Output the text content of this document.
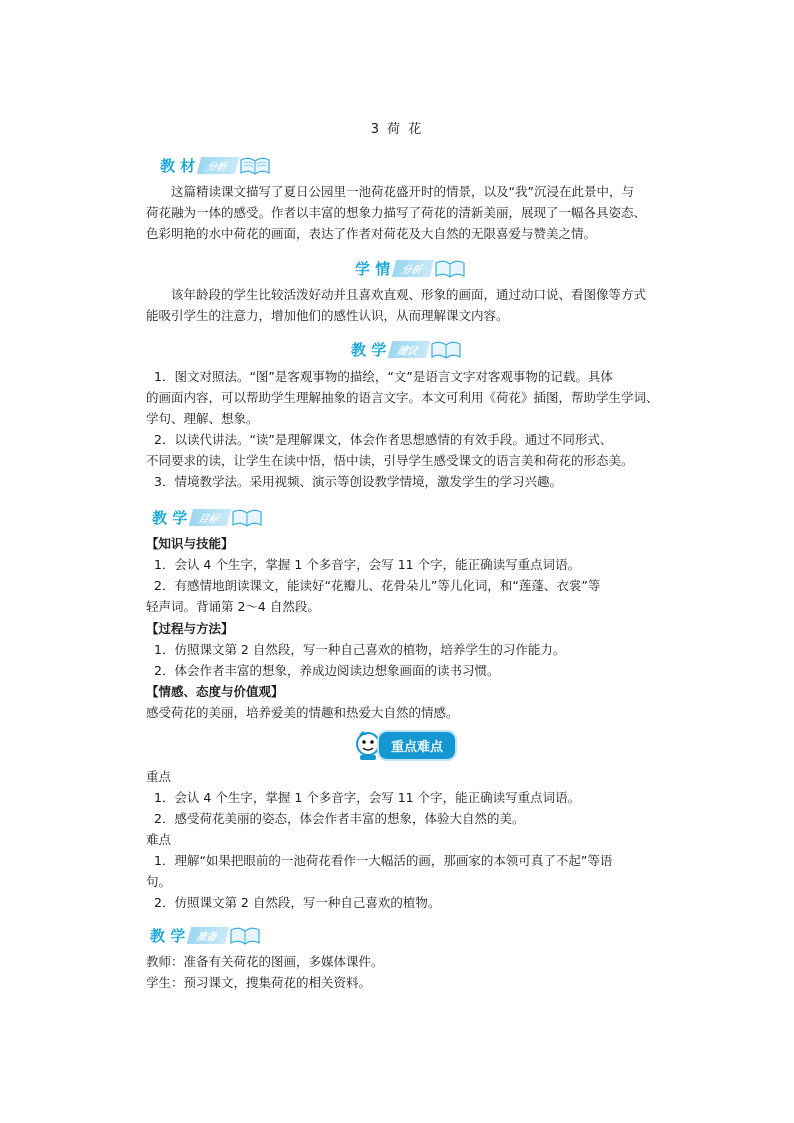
3 荷 花
教 材 分析
这篇精读课文描写了夏日公园里一池荷花盛开时的情景，以及“我”沉浸在此景中，与
荷花融为一体的感受。作者以丰富的想象力描写了荷花的清新美丽，展现了一幅各具姿态、
色彩明艳的水中荷花的画面，表达了作者对荷花及大自然的无限喜爱与赞美之情。
学 情 分析
该年龄段的学生比较活泼好动并且喜欢直观、形象的画面，通过动口说、看图像等方式
能吸引学生的注意力，增加他们的感性认识，从而理解课文内容。
教 学 建议
1．图文对照法。“图”是客观事物的描绘，“文”是语言文字对客观事物的记载。具体
的画面内容，可以帮助学生理解抽象的语言文字。本文可利用《荷花》插图，帮助学生学词、
学句、理解、想象。
2．以读代讲法。“读”是理解课文，体会作者思想感情的有效手段。通过不同形式、
不同要求的读，让学生在读中悟，悟中读，引导学生感受课文的语言美和荷花的形态美。
3．情境教学法。采用视频、演示等创设教学情境，激发学生的学习兴趣。
教 学 目标
【知识与技能】
1．会认 4 个生字，掌握 1 个多音字，会写 11 个字，能正确读写重点词语。
2．有感情地朗读课文，能读好“花瓣儿、花骨朵儿”等儿化词，和“莲蓬、衣裳”等
轻声词。背诵第 2～4 自然段。
【过程与方法】
1．仿照课文第 2 自然段，写一种自己喜欢的植物，培养学生的习作能力。
2．体会作者丰富的想象，养成边阅读边想象画面的读书习惯。
【情感、态度与价值观】
感受荷花的美丽，培养爱美的情趣和热爱大自然的情感。
重点难点
重点
1．会认 4 个生字，掌握 1 个多音字，会写 11 个字，能正确读写重点词语。
2．感受荷花美丽的姿态，体会作者丰富的想象，体验大自然的美。
难点
1．理解“如果把眼前的一池荷花看作一大幅活的画，那画家的本领可真了不起”等语
句。
2．仿照课文第 2 自然段，写一种自己喜欢的植物。
教 学 准备
教师：准备有关荷花的图画，多媒体课件。
学生：预习课文，搜集荷花的相关资料。
